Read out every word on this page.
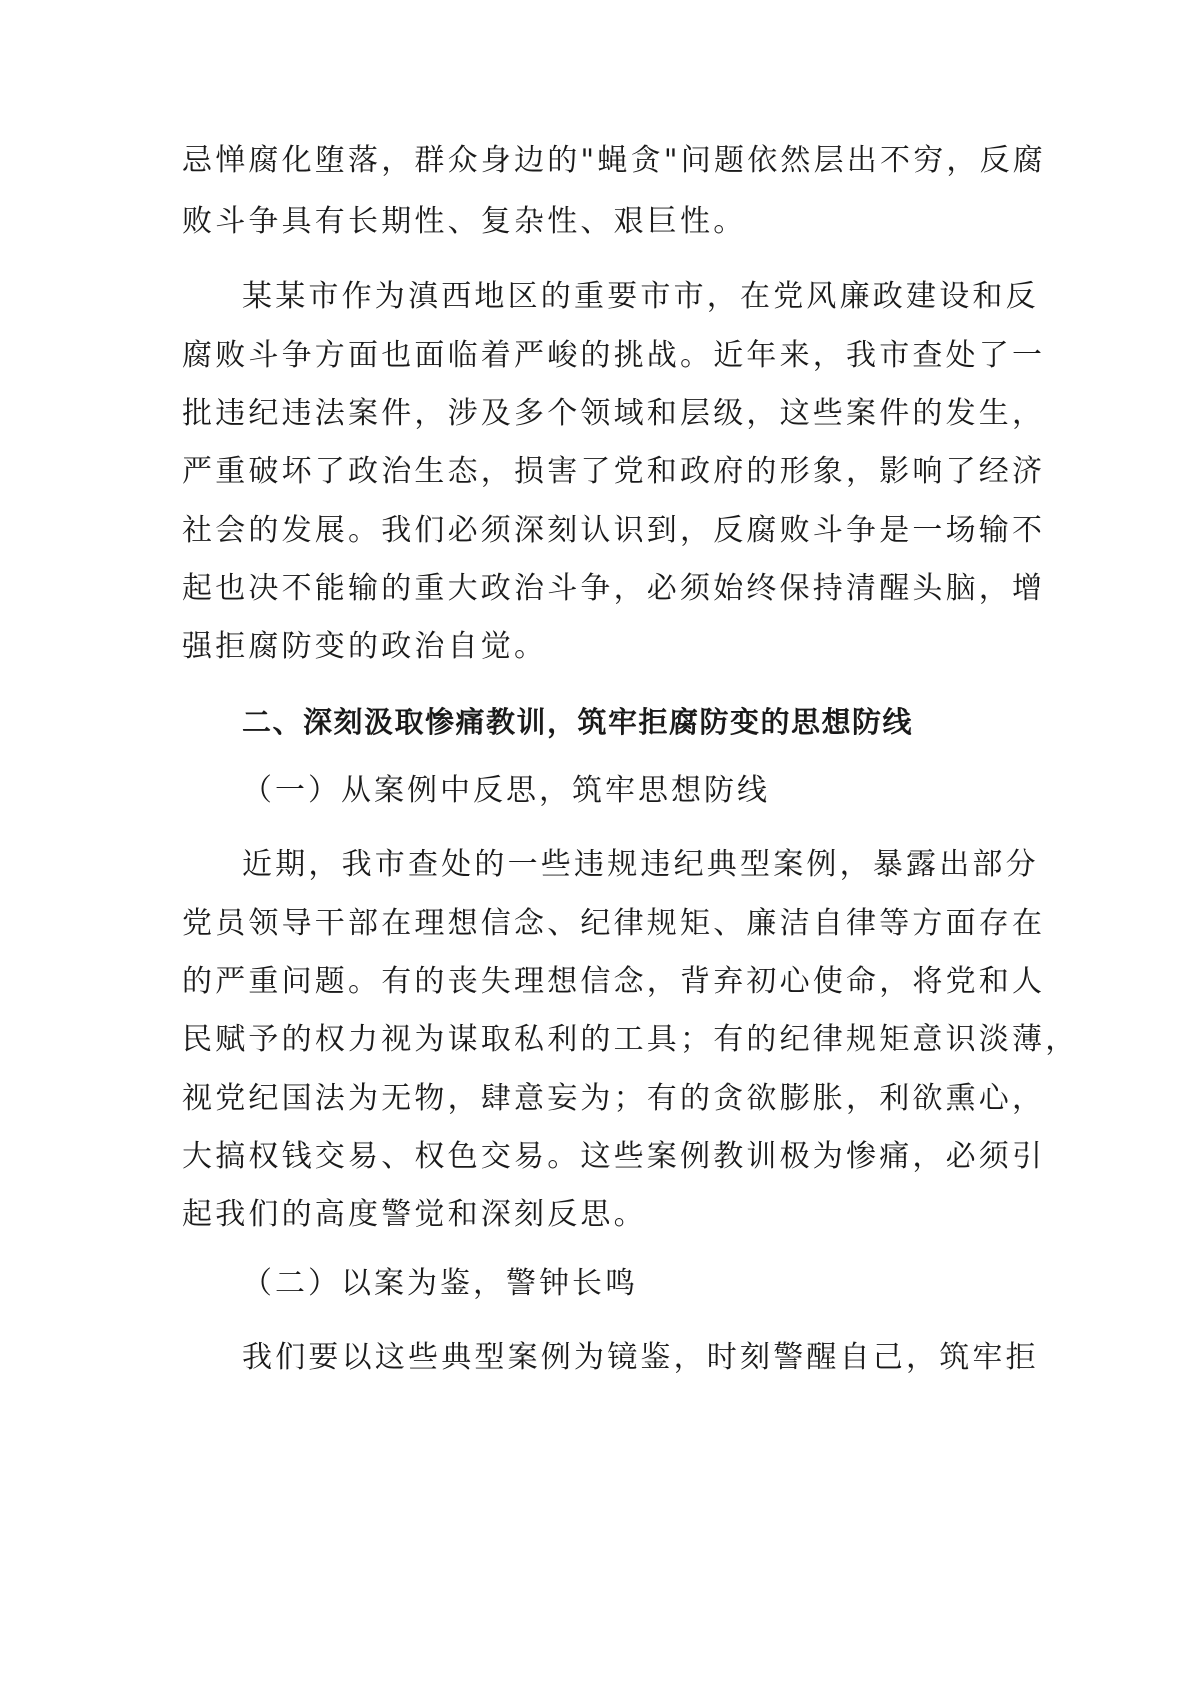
忌惮腐化堕落，群众身边的"蝇贪"问题依然层出不穷，反腐
败斗争具有长期性、复杂性、艰巨性。
某某市作为滇西地区的重要市市，在党风廉政建设和反
腐败斗争方面也面临着严峻的挑战。近年来，我市查处了一
批违纪违法案件，涉及多个领域和层级，这些案件的发生，
严重破坏了政治生态，损害了党和政府的形象，影响了经济
社会的发展。我们必须深刻认识到，反腐败斗争是一场输不
起也决不能输的重大政治斗争，必须始终保持清醒头脑，增
强拒腐防变的政治自觉。
二、深刻汲取惨痛教训，筑牢拒腐防变的思想防线
（一）从案例中反思，筑牢思想防线
近期，我市查处的一些违规违纪典型案例，暴露出部分
党员领导干部在理想信念、纪律规矩、廉洁自律等方面存在
的严重问题。有的丧失理想信念，背弃初心使命，将党和人
民赋予的权力视为谋取私利的工具；有的纪律规矩意识淡薄，
视党纪国法为无物，肆意妄为；有的贪欲膨胀，利欲熏心，
大搞权钱交易、权色交易。这些案例教训极为惨痛，必须引
起我们的高度警觉和深刻反思。
（二）以案为鉴，警钟长鸣
我们要以这些典型案例为镜鉴，时刻警醒自己，筑牢拒
